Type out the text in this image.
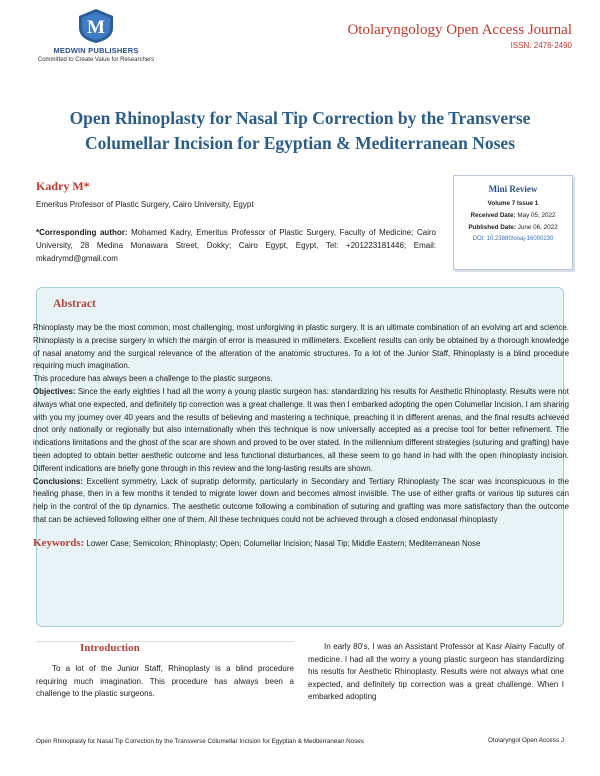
M
MEDWIN PUBLISHERS
Committed to Create Value for Researchers
Otolaryngology Open Access Journal
ISSN: 2476-2490
Open Rhinoplasty for Nasal Tip Correction by the Transverse
Columellar Incision for Egyptian & Mediterranean Noses
Kadry M*
Emeritus Professor of Plastic Surgery, Cairo University, Egypt
*Corresponding author: Mohamed Kadry, Emeritus Professor of Plastic Surgery, Faculty of Medicine; Cairo University, 28 Medina Monawara Street, Dokky; Cairo Egypt, Egypt, Tel: +201223181446; Email: mkadrymd@gmail.com
Mini Review
Volume 7 Issue 1
Received Date: May 05, 2022
Published Date: June 06, 2022
DOI: 10.23880/ooaj-16000230
Abstract

Rhinoplasty may be the most common, most challenging, most unforgiving in plastic surgery. It is an ultimate combination of an evolving art and science. Rhinoplasty is a precise surgery in which the margin of error is measured in millimeters. Excellent results can only be obtained by a thorough knowledge of nasal anatomy and the surgical relevance of the alteration of the anatomic structures. To a lot of the Junior Staff, Rhinoplasty is a blind procedure requiring much imagination.

This procedure has always been a challenge to the plastic surgeons.

Objectives: Since the early eighties I had all the worry a young plastic surgeon has: standardizing his results for Aesthetic Rhinoplasty. Results were not always what one expected, and definitely tip correction was a great challenge. It was then I embarked adopting the open Columellar Incision. I am sharing with you my journey over 40 years and the results of believing and mastering a technique, preaching it in different arenas, and the final results achieved dnot only nationally or regionally but also internationally when this technique is now universally accepted as a precise tool for better refinement. The indications limitations and the ghost of the scar are shown and proved to be over stated. In the millennium different strategies (suturing and grafting) have been adopted to obtain better aesthetic outcome and less functional disturbances, all these seem to go hand in had with the open rhinoplasty incision. Different indications are briefly gone through in this review and the long-lasting results are shown.

Conclusions: Excellent symmetry, Lack of supratip deformity, particularly in Secondary and Tertiary Rhinoplasty The scar was inconspicuous in the healing phase, then in a few months it tended to migrate lower down and becomes almost invisible. The use of either grafts or various tip sutures can help in the control of the tip dynamics. The aesthetic outcome following a combination of suturing and grafting was more satisfactory than the outcome that can be achieved following either one of them. All these techniques could not be achieved through a closed endonasal rhinoplasty

Keywords: Lower Case; Semicolon; Rhinoplasty; Open; Columellar Incision; Nasal Tip; Middle Eastern; Mediterranean Nose

Introduction

To a lot of the Junior Staff, Rhinoplasty is a blind procedure requiring much imagination. This procedure has always been a challenge to the plastic surgeons.

In early 80's, I was an Assistant Professor at Kasr Alainy Faculty of medicine. I had all the worry a young plastic surgeon has standardizing his results for Aesthetic Rhinoplasty. Results were not always what one expected, and definitely tip correction was a great challenge. When I embarked adopting

Open Rhinoplasty for Nasal Tip Correction by the Transverse Columellar Incision for Egyptian & Mediterranean Noses	Otolaryngol Open Access J
